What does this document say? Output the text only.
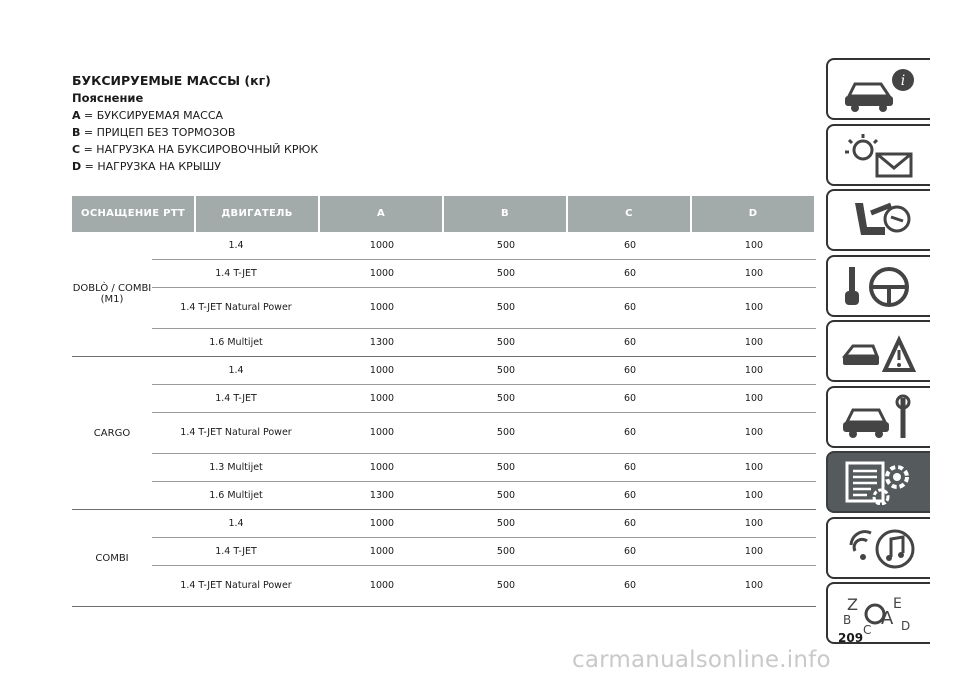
БУКСИРУЕМЫЕ МАССЫ (кг)
Пояснение
A = БУКСИРУЕМАЯ МАССА
B = ПРИЦЕП БЕЗ ТОРМОЗОВ
C = НАГРУЗКА НА БУКСИРОВОЧНЫЙ КРЮК
D = НАГРУЗКА НА КРЫШУ
ОСНАЩЕНИЕ РТТ	ДВИГАТЕЛЬ	A	B	C	D
DOBLÒ / COMBI (M1)
1.4	1000	500	60	100
1.4 T-JET	1000	500	60	100
1.4 T-JET Natural Power	1000	500	60	100
1.6 Multijet	1300	500	60	100
CARGO
1.4	1000	500	60	100
1.4 T-JET	1000	500	60	100
1.4 T-JET Natural Power	1000	500	60	100
1.3 Multijet	1000	500	60	100
1.6 Multijet	1300	500	60	100
COMBI
1.4	1000	500	60	100
1.4 T-JET	1000	500	60	100
1.4 T-JET Natural Power	1000	500	60	100
i
Z	E
B A D
C
209
carmanualsonline.info
